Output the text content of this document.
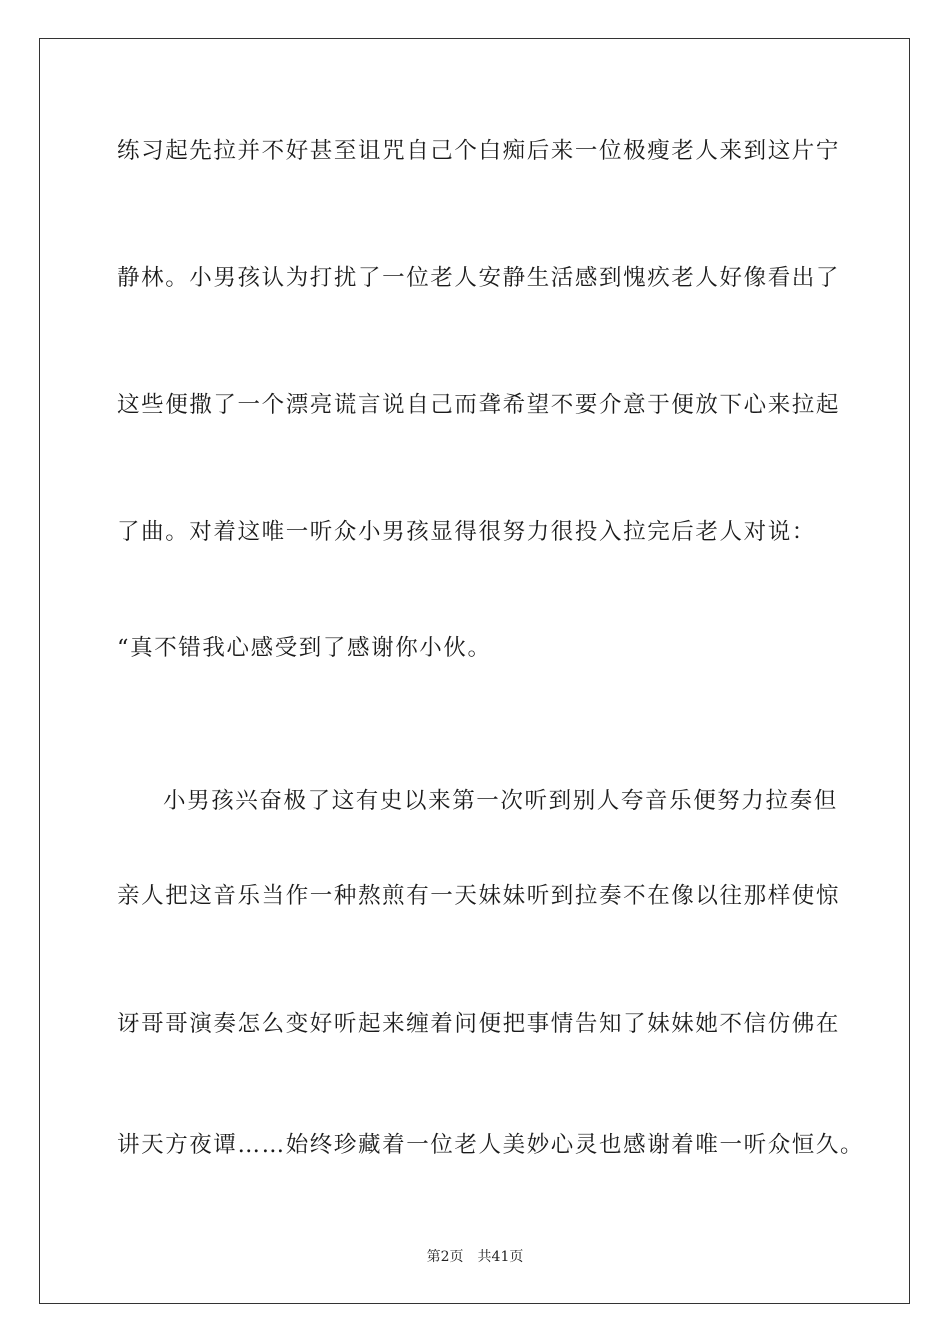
练习起先拉并不好甚至诅咒自己个白痴后来一位极瘦老人来到这片宁
静林。小男孩认为打扰了一位老人安静生活感到愧疚老人好像看出了
这些便撒了一个漂亮谎言说自己而聋希望不要介意于便放下心来拉起
了曲。对着这唯一听众小男孩显得很努力很投入拉完后老人对说：
“真不错我心感受到了感谢你小伙。
小男孩兴奋极了这有史以来第一次听到别人夸音乐便努力拉奏但
亲人把这音乐当作一种熬煎有一天妹妹听到拉奏不在像以往那样使惊
讶哥哥演奏怎么变好听起来缠着问便把事情告知了妹妹她不信仿佛在
讲天方夜谭……始终珍藏着一位老人美妙心灵也感谢着唯一听众恒久。
第2页 共41页
